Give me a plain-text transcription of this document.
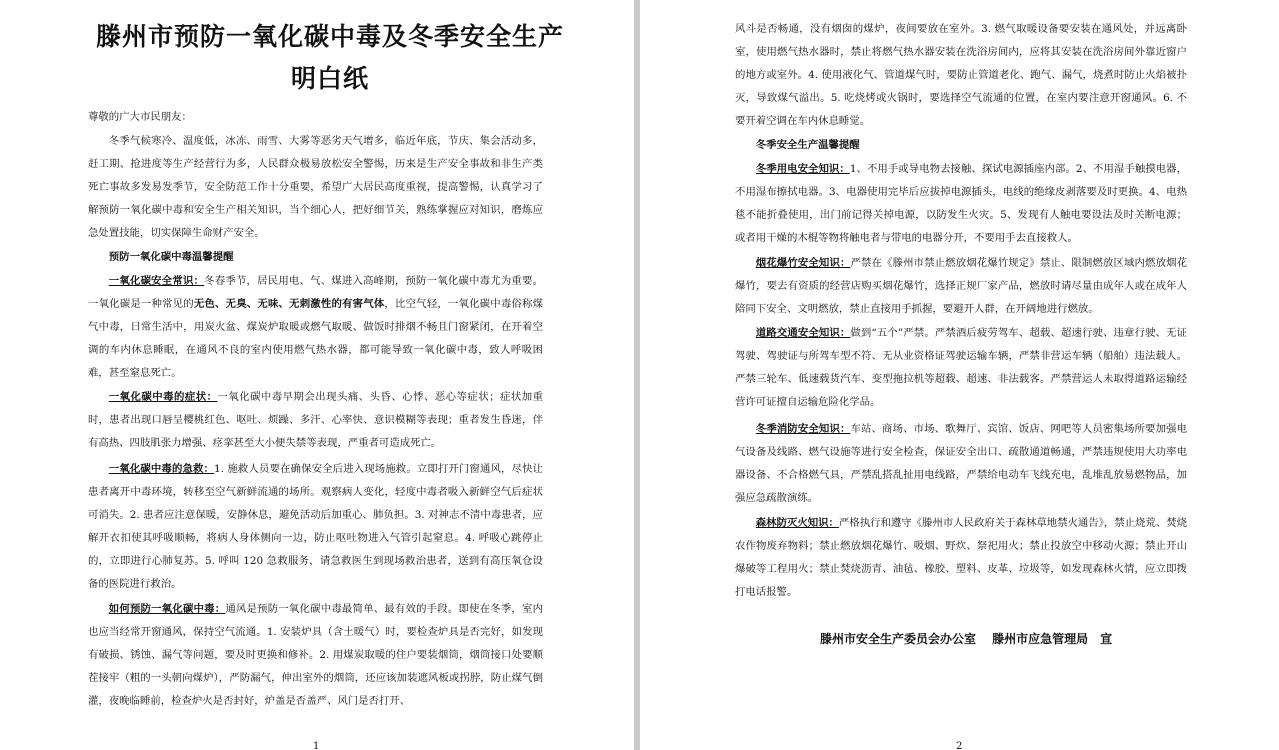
滕州市预防一氧化碳中毒及冬季安全生产
明白纸
尊敬的广大市民朋友：
冬季气候寒冷、温度低，冰冻、雨雪、大雾等恶劣天气增多，临近年底，节庆、集会活动多，赶工期、抢进度等生产经营行为多，人民群众极易放松安全警惕，历来是生产安全事故和非生产类死亡事故多发易发季节，安全防范工作十分重要，希望广大居民高度重视，提高警惕，认真学习了解预防一氧化碳中毒和安全生产相关知识，当个细心人，把好细节关，熟练掌握应对知识，磨炼应急处置技能，切实保障生命财产安全。
预防一氧化碳中毒温馨提醒
一氧化碳安全常识：冬春季节，居民用电、气、煤进入高峰期，预防一氧化碳中毒尤为重要。一氧化碳是一种常见的无色、无臭、无味、无刺激性的有害气体，比空气轻，一氧化碳中毒俗称煤气中毒，日常生活中，用炭火盆、煤炭炉取暖或燃气取暖、做饭时排烟不畅且门窗紧闭，在开着空调的车内休息睡眠，在通风不良的室内使用燃气热水器，都可能导致一氧化碳中毒，致人呼吸困难，甚至窒息死亡。
一氧化碳中毒的症状：一氧化碳中毒早期会出现头痛、头昏、心悸、恶心等症状；症状加重时，患者出现口唇呈樱桃红色、呕吐、烦躁、多汗、心率快、意识模糊等表现；重者发生昏迷，伴有高热、四肢肌张力增强、痉挛甚至大小便失禁等表现，严重者可造成死亡。
一氧化碳中毒的急救：1. 施救人员要在确保安全后进入现场施救。立即打开门窗通风，尽快让患者离开中毒环境，转移至空气新鲜流通的场所。观察病人变化，轻度中毒者吸入新鲜空气后症状可消失。2. 患者应注意保暖，安静休息，避免活动后加重心、肺负担。3. 对神志不清中毒患者，应解开衣扣使其呼吸顺畅，将病人身体侧向一边，防止呕吐物进入气管引起窒息。4. 呼吸心跳停止的，立即进行心肺复苏。5. 呼叫 120 急救服务，请急救医生到现场救治患者，送到有高压氧仓设备的医院进行救治。
如何预防一氧化碳中毒：通风是预防一氧化碳中毒最简单、最有效的手段。即使在冬季，室内也应当经常开窗通风，保持空气流通。1. 安装炉具（含土暖气）时，要检查炉具是否完好，如发现有破损、锈蚀、漏气等问题，要及时更换和修补。2. 用煤炭取暖的住户要装烟筒，烟筒接口处要顺茬接牢（粗的一头朝向煤炉），严防漏气，伸出室外的烟筒，还应该加装遮风板或拐脖，防止煤气倒灌，夜晚临睡前，检查炉火是否封好，炉盖是否盖严、风门是否打开、
1
风斗是否畅通，没有烟囱的煤炉，夜间要放在室外。3. 燃气取暖设备要安装在通风处，并远离卧室，使用燃气热水器时，禁止将燃气热水器安装在洗浴房间内，应将其安装在洗浴房间外靠近窗户的地方或室外。4. 使用液化气、管道煤气时，要防止管道老化、跑气、漏气，烧煮时防止火焰被扑灭，导致煤气溢出。5. 吃烧烤或火锅时，要选择空气流通的位置，在室内要注意开窗通风。6. 不要开着空调在车内休息睡觉。
冬季安全生产温馨提醒
冬季用电安全知识：1、不用手或导电物去接触、探试电源插座内部。2、不用湿手触摸电器，不用湿布擦拭电器。3、电器使用完毕后应拔掉电源插头，电线的绝缘皮剥落要及时更换。4、电热毯不能折叠使用，出门前记得关掉电源，以防发生火灾。5、发现有人触电要设法及时关断电源；或者用干燥的木棍等物将触电者与带电的电器分开，不要用手去直接救人。
烟花爆竹安全知识：严禁在《滕州市禁止燃放烟花爆竹规定》禁止、限制燃放区域内燃放烟花爆竹，要去有资质的经营店购买烟花爆竹，选择正规厂家产品，燃放时请尽量由成年人或在成年人陪同下安全、文明燃放，禁止直接用手抓握，要避开人群，在开阔地进行燃放。
道路交通安全知识：做到“五个”严禁。严禁酒后疲劳驾车、超载、超速行驶、违章行驶、无证驾驶、驾驶证与所驾车型不符、无从业资格证驾驶运输车辆，严禁非营运车辆（船舶）违法载人。严禁三轮车、低速载货汽车、变型拖拉机等超载、超速、非法载客。严禁营运人未取得道路运输经营许可证擅自运输危险化学品。
冬季消防安全知识：车站、商场、市场、歌舞厅、宾馆、饭店、网吧等人员密集场所要加强电气设备及线路、燃气设施等进行安全检查，保证安全出口、疏散通道畅通，严禁违规使用大功率电器设备、不合格燃气具，严禁乱搭乱扯用电线路，严禁给电动车飞线充电，乱堆乱放易燃物品，加强应急疏散演练。
森林防灭火知识：严格执行和遵守《滕州市人民政府关于森林草地禁火通告》，禁止烧荒、焚烧农作物废弃物料；禁止燃放烟花爆竹、吸烟、野炊、祭祀用火；禁止投放空中移动火源；禁止开山爆破等工程用火；禁止焚烧沥青、油毡、橡胶、塑料、皮革、垃圾等，如发现森林火情，应立即拨打电话报警。
滕州市安全生产委员会办公室　 滕州市应急管理局　宣
2
